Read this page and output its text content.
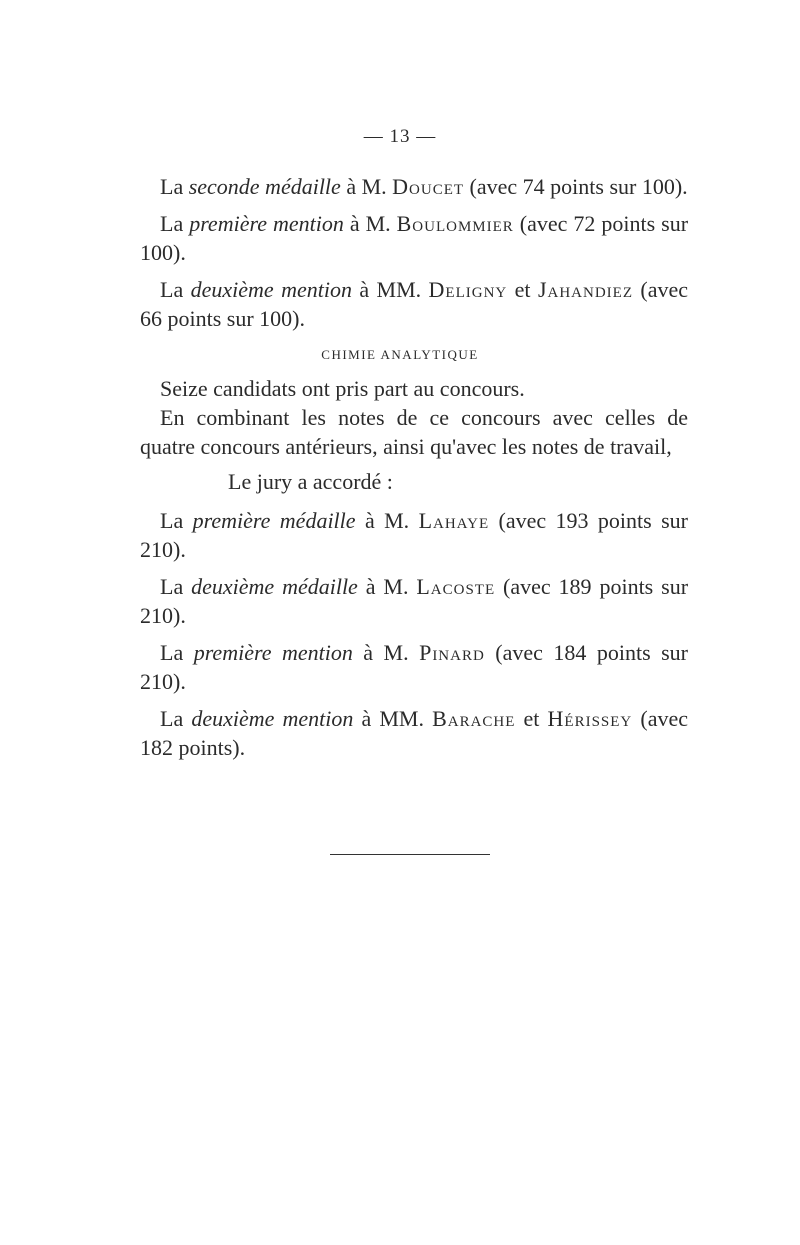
— 13 —

La seconde médaille à M. Doucet (avec 74 points sur 100).

La première mention à M. Boulommier (avec 72 points sur 100).

La deuxième mention à MM. Deligny et Jahandiez (avec 66 points sur 100).

CHIMIE ANALYTIQUE

Seize candidats ont pris part au concours.

En combinant les notes de ce concours avec celles de quatre concours antérieurs, ainsi qu'avec les notes de travail,

Le jury a accordé :

La première médaille à M. Lahaye (avec 193 points sur 210).

La deuxième médaille à M. Lacoste (avec 189 points sur 210).

La première mention à M. Pinard (avec 184 points sur 210).

La deuxième mention à MM. Barache et Hérissey (avec 182 points).
